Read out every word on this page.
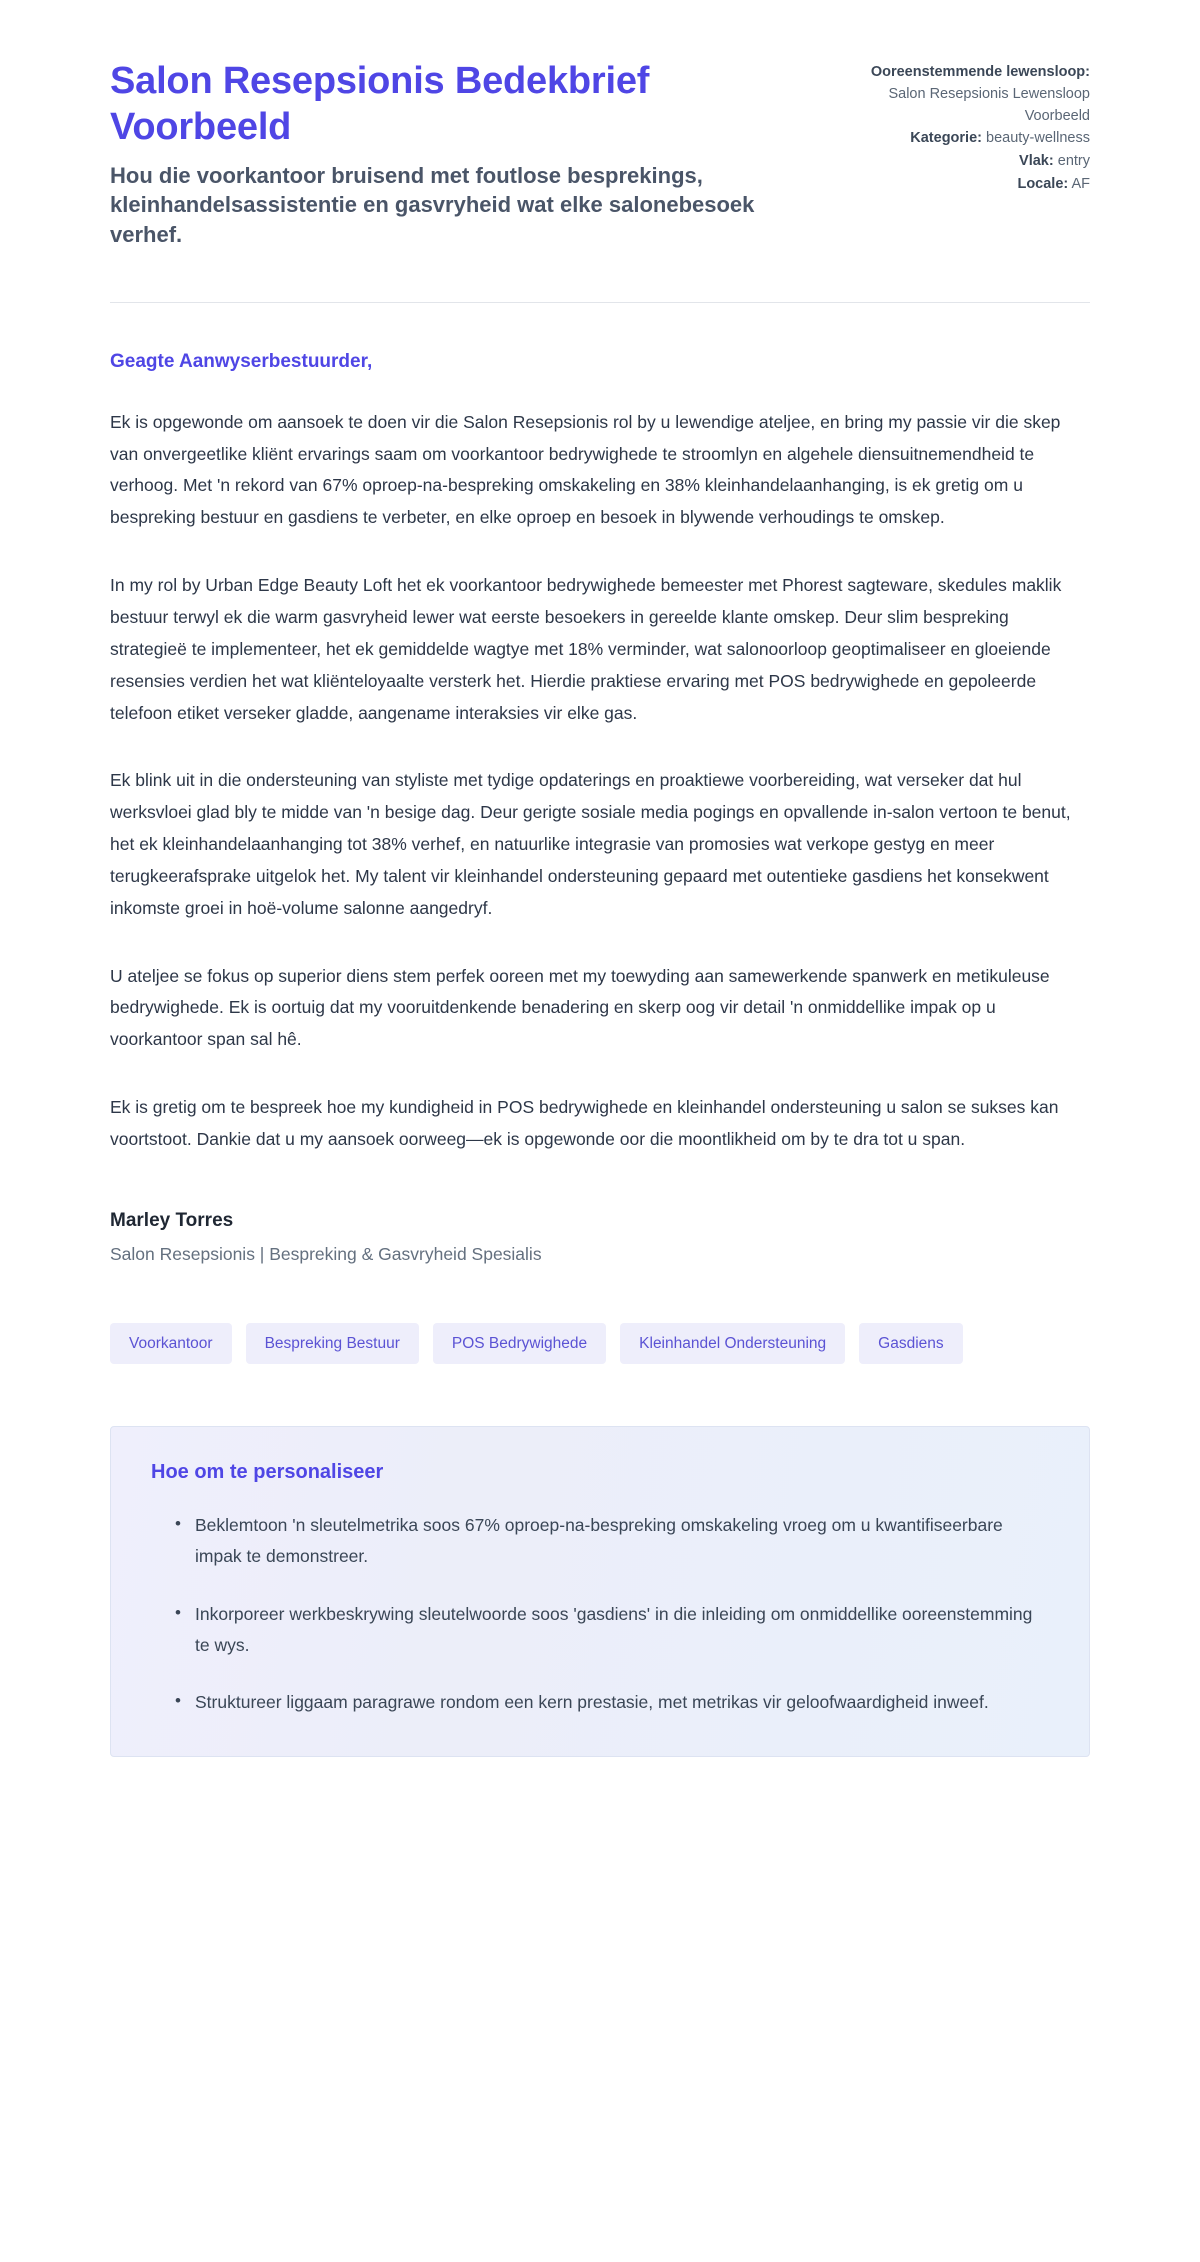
Salon Resepsionis Bedekbrief Voorbeeld

Hou die voorkantoor bruisend met foutlose besprekings, kleinhandelsassistentie en gasvryheid wat elke salonebesoek verhef.

Ooreenstemmende lewensloop: Salon Resepsionis Lewensloop Voorbeeld

Kategorie: beauty-wellness

Vlak: entry

Locale: AF

Geagte Aanwyserbestuurder,

Ek is opgewonde om aansoek te doen vir die Salon Resepsionis rol by u lewendige ateljee, en bring my passie vir die skep van onvergeetlike kliënt ervarings saam om voorkantoor bedrywighede te stroomlyn en algehele diensuitnemendheid te verhoog. Met 'n rekord van 67% oproep-na-bespreking omskakeling en 38% kleinhandelaanhanging, is ek gretig om u bespreking bestuur en gasdiens te verbeter, en elke oproep en besoek in blywende verhoudings te omskep.

In my rol by Urban Edge Beauty Loft het ek voorkantoor bedrywighede bemeester met Phorest sagteware, skedules maklik bestuur terwyl ek die warm gasvryheid lewer wat eerste besoekers in gereelde klante omskep. Deur slim bespreking strategieë te implementeer, het ek gemiddelde wagtye met 18% verminder, wat salonoorloop geoptimaliseer en gloeiende resensies verdien het wat kliënteloyaalte versterk het. Hierdie praktiese ervaring met POS bedrywighede en gepoleerde telefoon etiket verseker gladde, aangename interaksies vir elke gas.

Ek blink uit in die ondersteuning van styliste met tydige opdaterings en proaktiewe voorbereiding, wat verseker dat hul werksvloei glad bly te midde van 'n besige dag. Deur gerigte sosiale media pogings en opvallende in-salon vertoon te benut, het ek kleinhandelaanhanging tot 38% verhef, en natuurlike integrasie van promosies wat verkope gestyg en meer terugkeerafsprake uitgelok het. My talent vir kleinhandel ondersteuning gepaard met outentieke gasdiens het konsekwent inkomste groei in hoë-volume salonne aangedryf.

U ateljee se fokus op superior diens stem perfek ooreen met my toewyding aan samewerkende spanwerk en metikuleuse bedrywighede. Ek is oortuig dat my vooruitdenkende benadering en skerp oog vir detail 'n onmiddellike impak op u voorkantoor span sal hê.

Ek is gretig om te bespreek hoe my kundigheid in POS bedrywighede en kleinhandel ondersteuning u salon se sukses kan voortstoot. Dankie dat u my aansoek oorweeg—ek is opgewonde oor die moontlikheid om by te dra tot u span.

Marley Torres

Salon Resepsionis | Bespreking & Gasvryheid Spesialis

Voorkantoor	Bespreking Bestuur	POS Bedrywighede	Kleinhandel Ondersteuning	Gasdiens

Hoe om te personaliseer

• Beklemtoon 'n sleutelmetrika soos 67% oproep-na-bespreking omskakeling vroeg om u kwantifiseerbare impak te demonstreer.
• Inkorporeer werkbeskrywing sleutelwoorde soos 'gasdiens' in die inleiding om onmiddellike ooreenstemming te wys.
• Struktureer liggaam paragrawe rondom een kern prestasie, met metrikas vir geloofwaardigheid inweef.
